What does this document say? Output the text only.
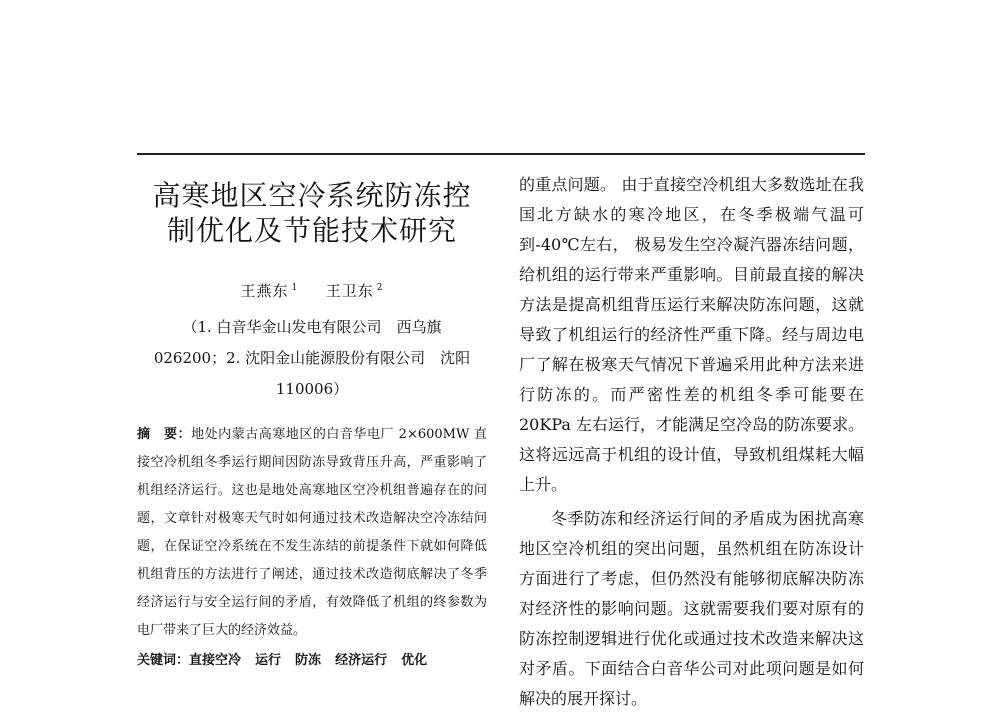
高寒地区空冷系统防冻控
制优化及节能技术研究
王燕东 $^1$ 王卫东 $^2$
（1. 白音华金山发电有限公司　西乌旗
026200；2. 沈阳金山能源股份有限公司　沈阳
110006）
摘　要：地处内蒙古高寒地区的白音华电厂 2×600MW 直接空冷机组冬季运行期间因防冻导致背压升高，严重影响了机组经济运行。这也是地处高寒地区空冷机组普遍存在的问题，文章针对极寒天气时如何通过技术改造解决空冷冻结问题，在保证空冷系统在不发生冻结的前提条件下就如何降低机组背压的方法进行了阐述，通过技术改造彻底解决了冬季经济运行与安全运行间的矛盾，有效降低了机组的终参数为电厂带来了巨大的经济效益。
关键词：直接空冷 运行 防冻 经济运行 优化

的重点问题。 由于直接空冷机组大多数选址在我国北方缺水的寒冷地区，在冬季极端气温可到-40℃左右， 极易发生空冷凝汽器冻结问题， 给机组的运行带来严重影响。目前最直接的解决方法是提高机组背压运行来解决防冻问题，这就导致了机组运行的经济性严重下降。经与周边电厂了解在极寒天气情况下普遍采用此种方法来进行防冻的。而严密性差的机组冬季可能要在 20KPa 左右运行，才能满足空冷岛的防冻要求。这将远远高于机组的设计值，导致机组煤耗大幅上升。

冬季防冻和经济运行间的矛盾成为困扰高寒地区空冷机组的突出问题，虽然机组在防冻设计方面进行了考虑，但仍然没有能够彻底解决防冻对经济性的影响问题。这就需要我们要对原有的防冻控制逻辑进行优化或通过技术改造来解决这对矛盾。下面结合白音华公司对此项问题是如何解决的展开探讨。
